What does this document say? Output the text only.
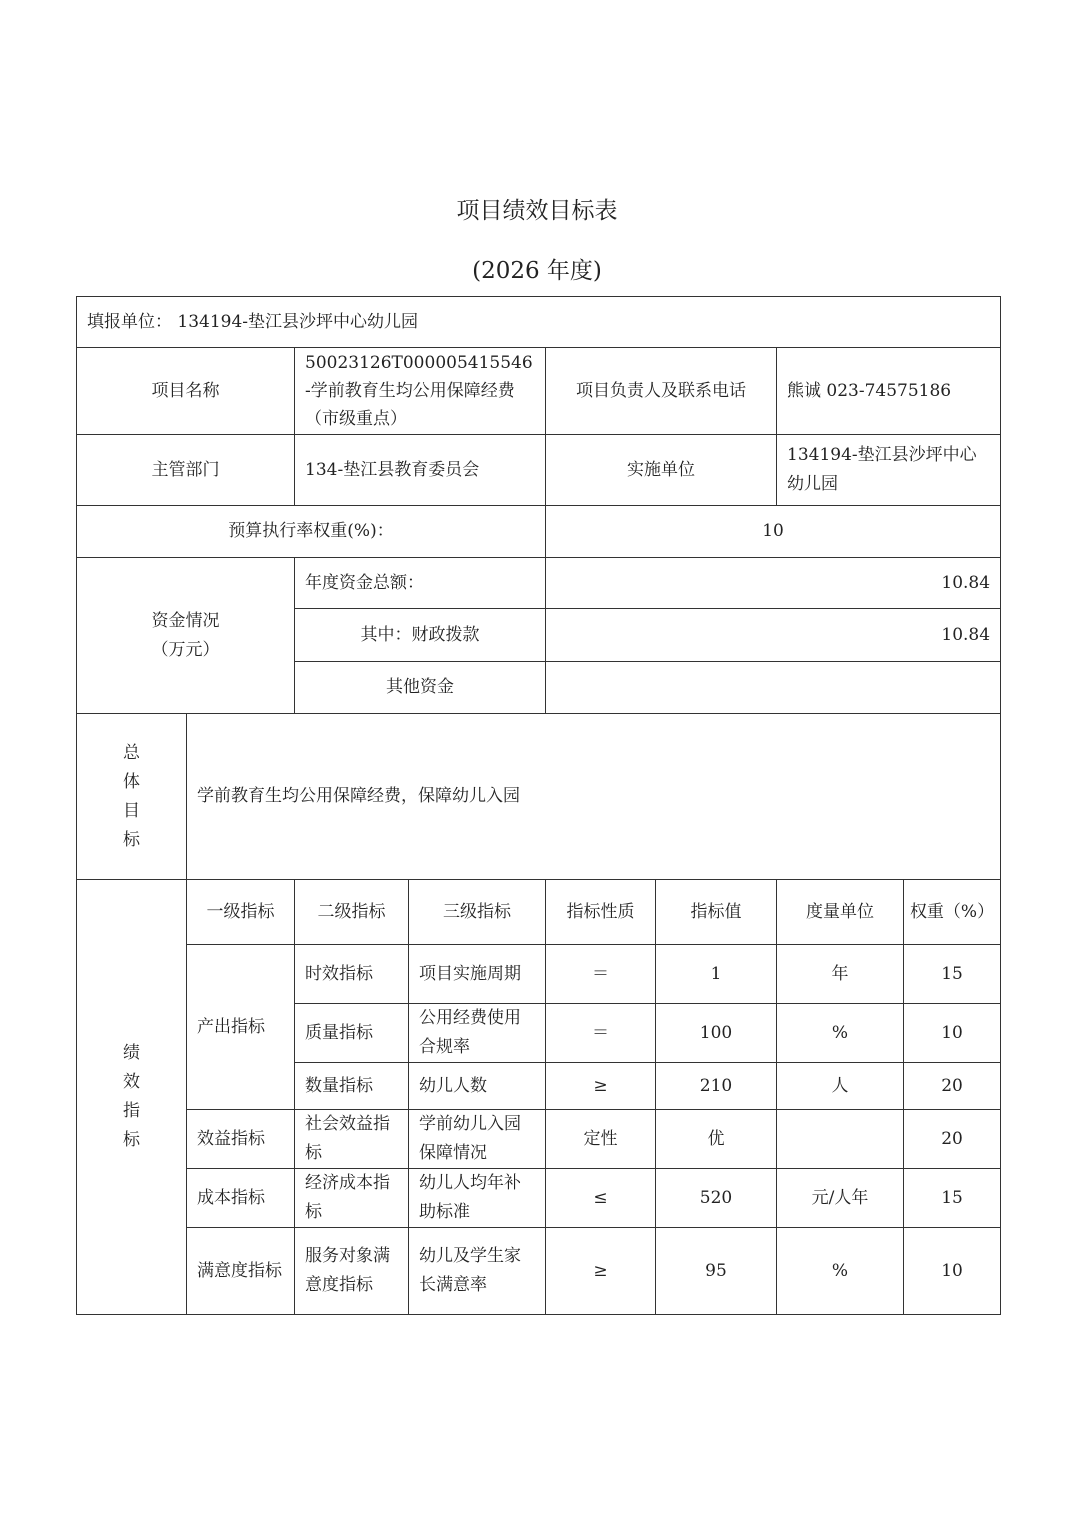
项目绩效目标表
(2026 年度)
填报单位： 134194-垫江县沙坪中心幼儿园							
项目名称		50023126T000005415546-学前教育生均公用保障经费（市级重点）		项目负责人及联系电话		熊诚 023-74575186	
主管部门		134-垫江县教育委员会		实施单位		134194-垫江县沙坪中心幼儿园	
预算执行率权重(%)：				10			
资金情况（万元）		年度资金总额：		10.84			
		其中：财政拨款		10.84			
		其他资金					

总体目标	学前教育生均公用保障经费，保障幼儿入园						

绩效指标	一级指标	二级指标	三级指标	指标性质	指标值	度量单位	权重（%）
	产出指标	时效指标	项目实施周期	＝	1	年	15
		质量指标	公用经费使用合规率	＝	100	%	10
		数量指标	幼儿人数	≥	210	人	20
	效益指标	社会效益指标	学前幼儿入园保障情况	定性	优		20
	成本指标	经济成本指标	幼儿人均年补助标准	≤	520	元/人年	15
	满意度指标	服务对象满意度指标	幼儿及学生家长满意率	≥	95	%	10
